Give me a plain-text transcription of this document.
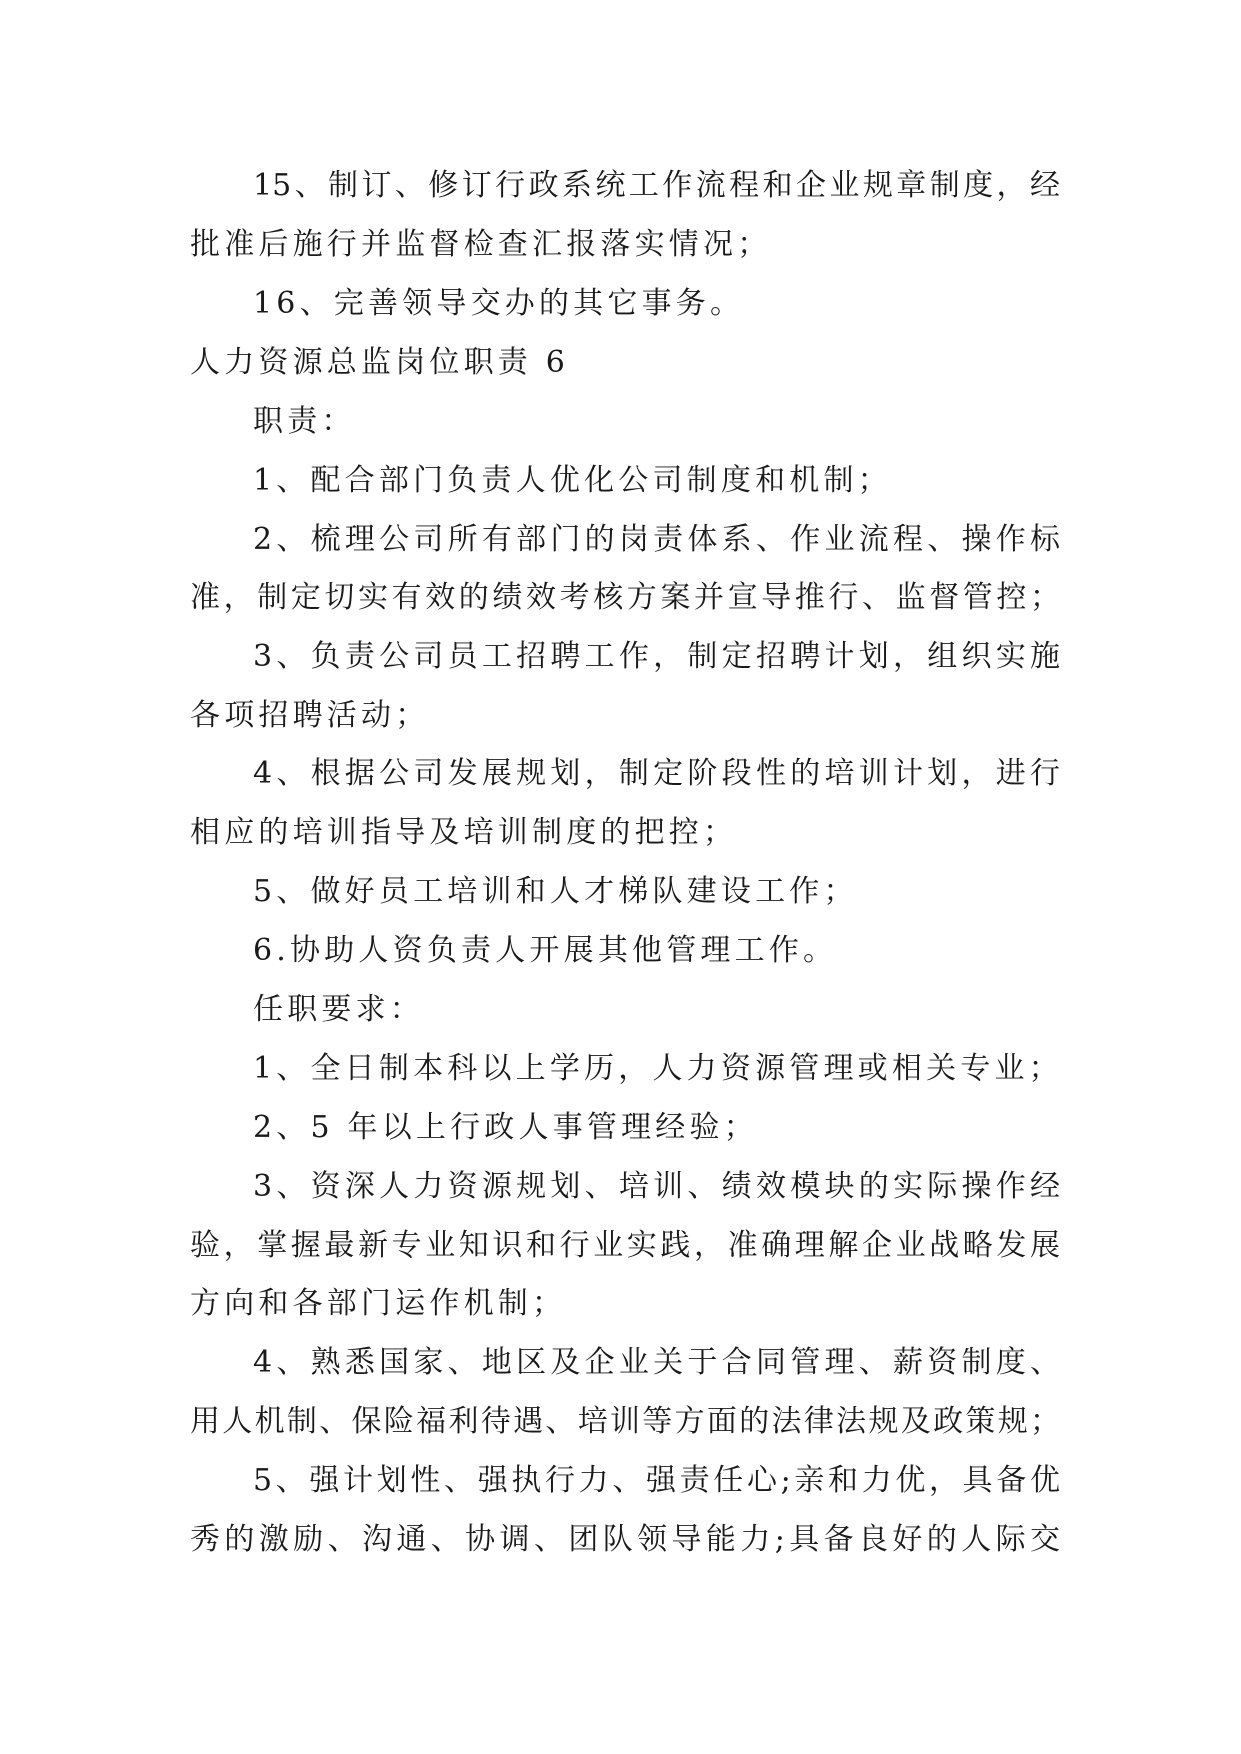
15、制订、修订行政系统工作流程和企业规章制度，经
批准后施行并监督检查汇报落实情况；
16、完善领导交办的其它事务。
人力资源总监岗位职责 6
职责：
1、配合部门负责人优化公司制度和机制；
2、梳理公司所有部门的岗责体系、作业流程、操作标
准，制定切实有效的绩效考核方案并宣导推行、监督管控；
3、负责公司员工招聘工作，制定招聘计划，组织实施
各项招聘活动；
4、根据公司发展规划，制定阶段性的培训计划，进行
相应的培训指导及培训制度的把控；
5、做好员工培训和人才梯队建设工作；
6.协助人资负责人开展其他管理工作。
任职要求：
1、全日制本科以上学历，人力资源管理或相关专业；
2、5 年以上行政人事管理经验；
3、资深人力资源规划、培训、绩效模块的实际操作经
验，掌握最新专业知识和行业实践，准确理解企业战略发展
方向和各部门运作机制；
4、熟悉国家、地区及企业关于合同管理、薪资制度、
用人机制、保险福利待遇、培训等方面的法律法规及政策规；
5、强计划性、强执行力、强责任心;亲和力优，具备优
秀的激励、沟通、协调、团队领导能力;具备良好的人际交
